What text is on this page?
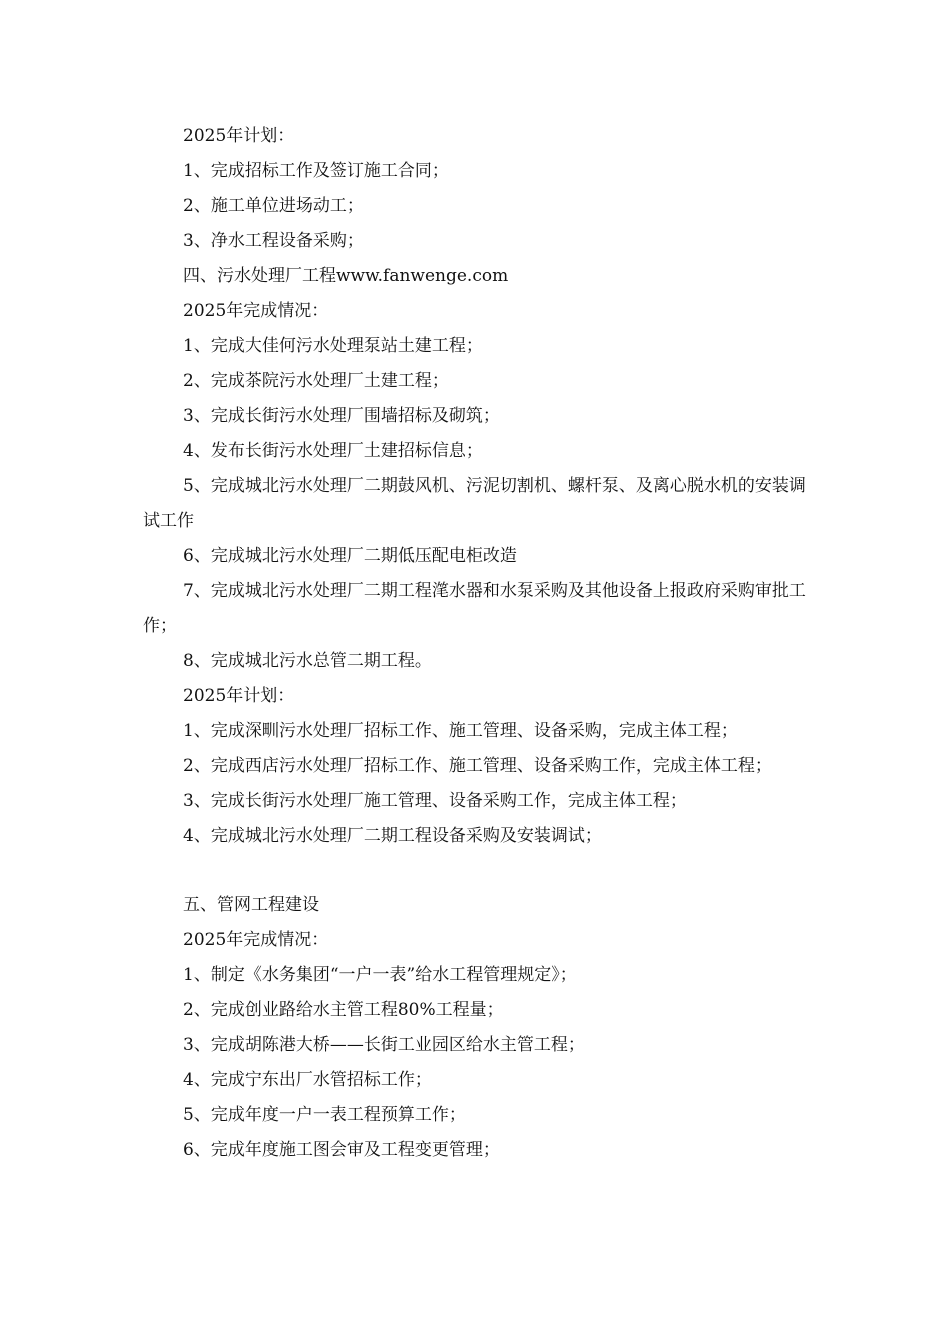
2025年计划：

1、完成招标工作及签订施工合同；

2、施工单位进场动工；

3、净水工程设备采购；

四、污水处理厂工程www.fanwenge.com

2025年完成情况：

1、完成大佳何污水处理泵站土建工程；

2、完成茶院污水处理厂土建工程；

3、完成长街污水处理厂围墙招标及砌筑；

4、发布长街污水处理厂土建招标信息；

5、完成城北污水处理厂二期鼓风机、污泥切割机、螺杆泵、及离心脱水机的安装调试工作

6、完成城北污水处理厂二期低压配电柜改造

7、完成城北污水处理厂二期工程滗水器和水泵采购及其他设备上报政府采购审批工作；

8、完成城北污水总管二期工程。

2025年计划：

1、完成深甽污水处理厂招标工作、施工管理、设备采购，完成主体工程；

2、完成西店污水处理厂招标工作、施工管理、设备采购工作，完成主体工程；

3、完成长街污水处理厂施工管理、设备采购工作，完成主体工程；

4、完成城北污水处理厂二期工程设备采购及安装调试；

五、管网工程建设

2025年完成情况：

1、制定《水务集团“一户一表”给水工程管理规定》；

2、完成创业路给水主管工程80%工程量；

3、完成胡陈港大桥——长街工业园区给水主管工程；

4、完成宁东出厂水管招标工作；

5、完成年度一户一表工程预算工作；

6、完成年度施工图会审及工程变更管理；
